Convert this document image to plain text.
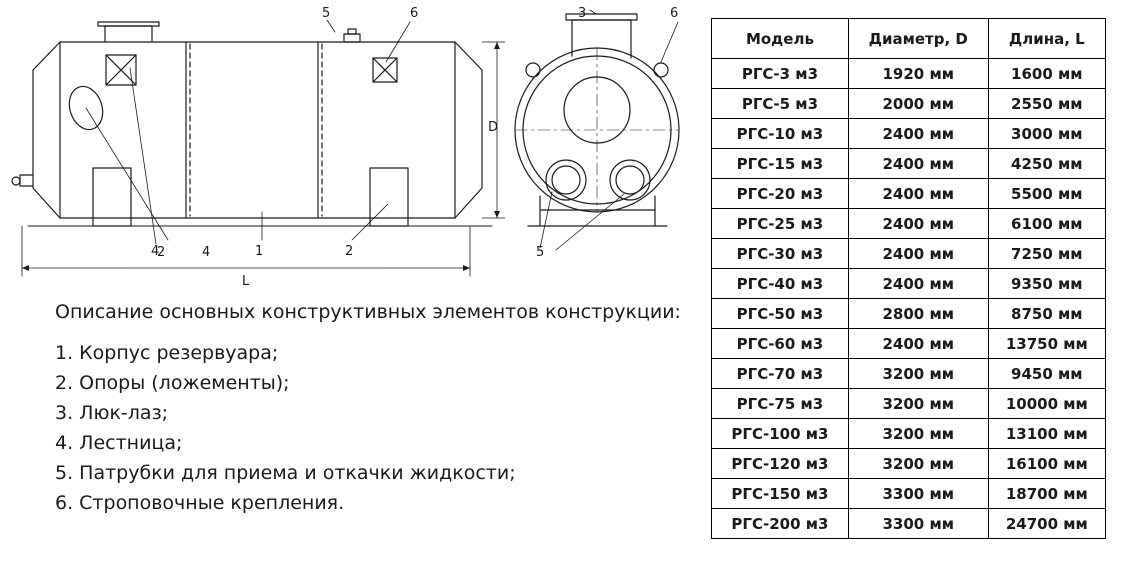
5	6
4	1	2
D
L
3	6
5
2	4
Описание основных конструктивных элементов конструкции:
1. Корпус резервуара;
2. Опоры (ложементы);
3. Люк-лаз;
4. Лестница;
5. Патрубки для приема и откачки жидкости;
6. Строповочные крепления.
Модель	Диаметр, D	Длина, L
РГС-3 м3	1920 мм	1600 мм
РГС-5 м3	2000 мм	2550 мм
РГС-10 м3	2400 мм	3000 мм
РГС-15 м3	2400 мм	4250 мм
РГС-20 м3	2400 мм	5500 мм
РГС-25 м3	2400 мм	6100 мм
РГС-30 м3	2400 мм	7250 мм
РГС-40 м3	2400 мм	9350 мм
РГС-50 м3	2800 мм	8750 мм
РГС-60 м3	2400 мм	13750 мм
РГС-70 м3	3200 мм	9450 мм
РГС-75 м3	3200 мм	10000 мм
РГС-100 м3	3200 мм	13100 мм
РГС-120 м3	3200 мм	16100 мм
РГС-150 м3	3300 мм	18700 мм
РГС-200 м3	3300 мм	24700 мм
